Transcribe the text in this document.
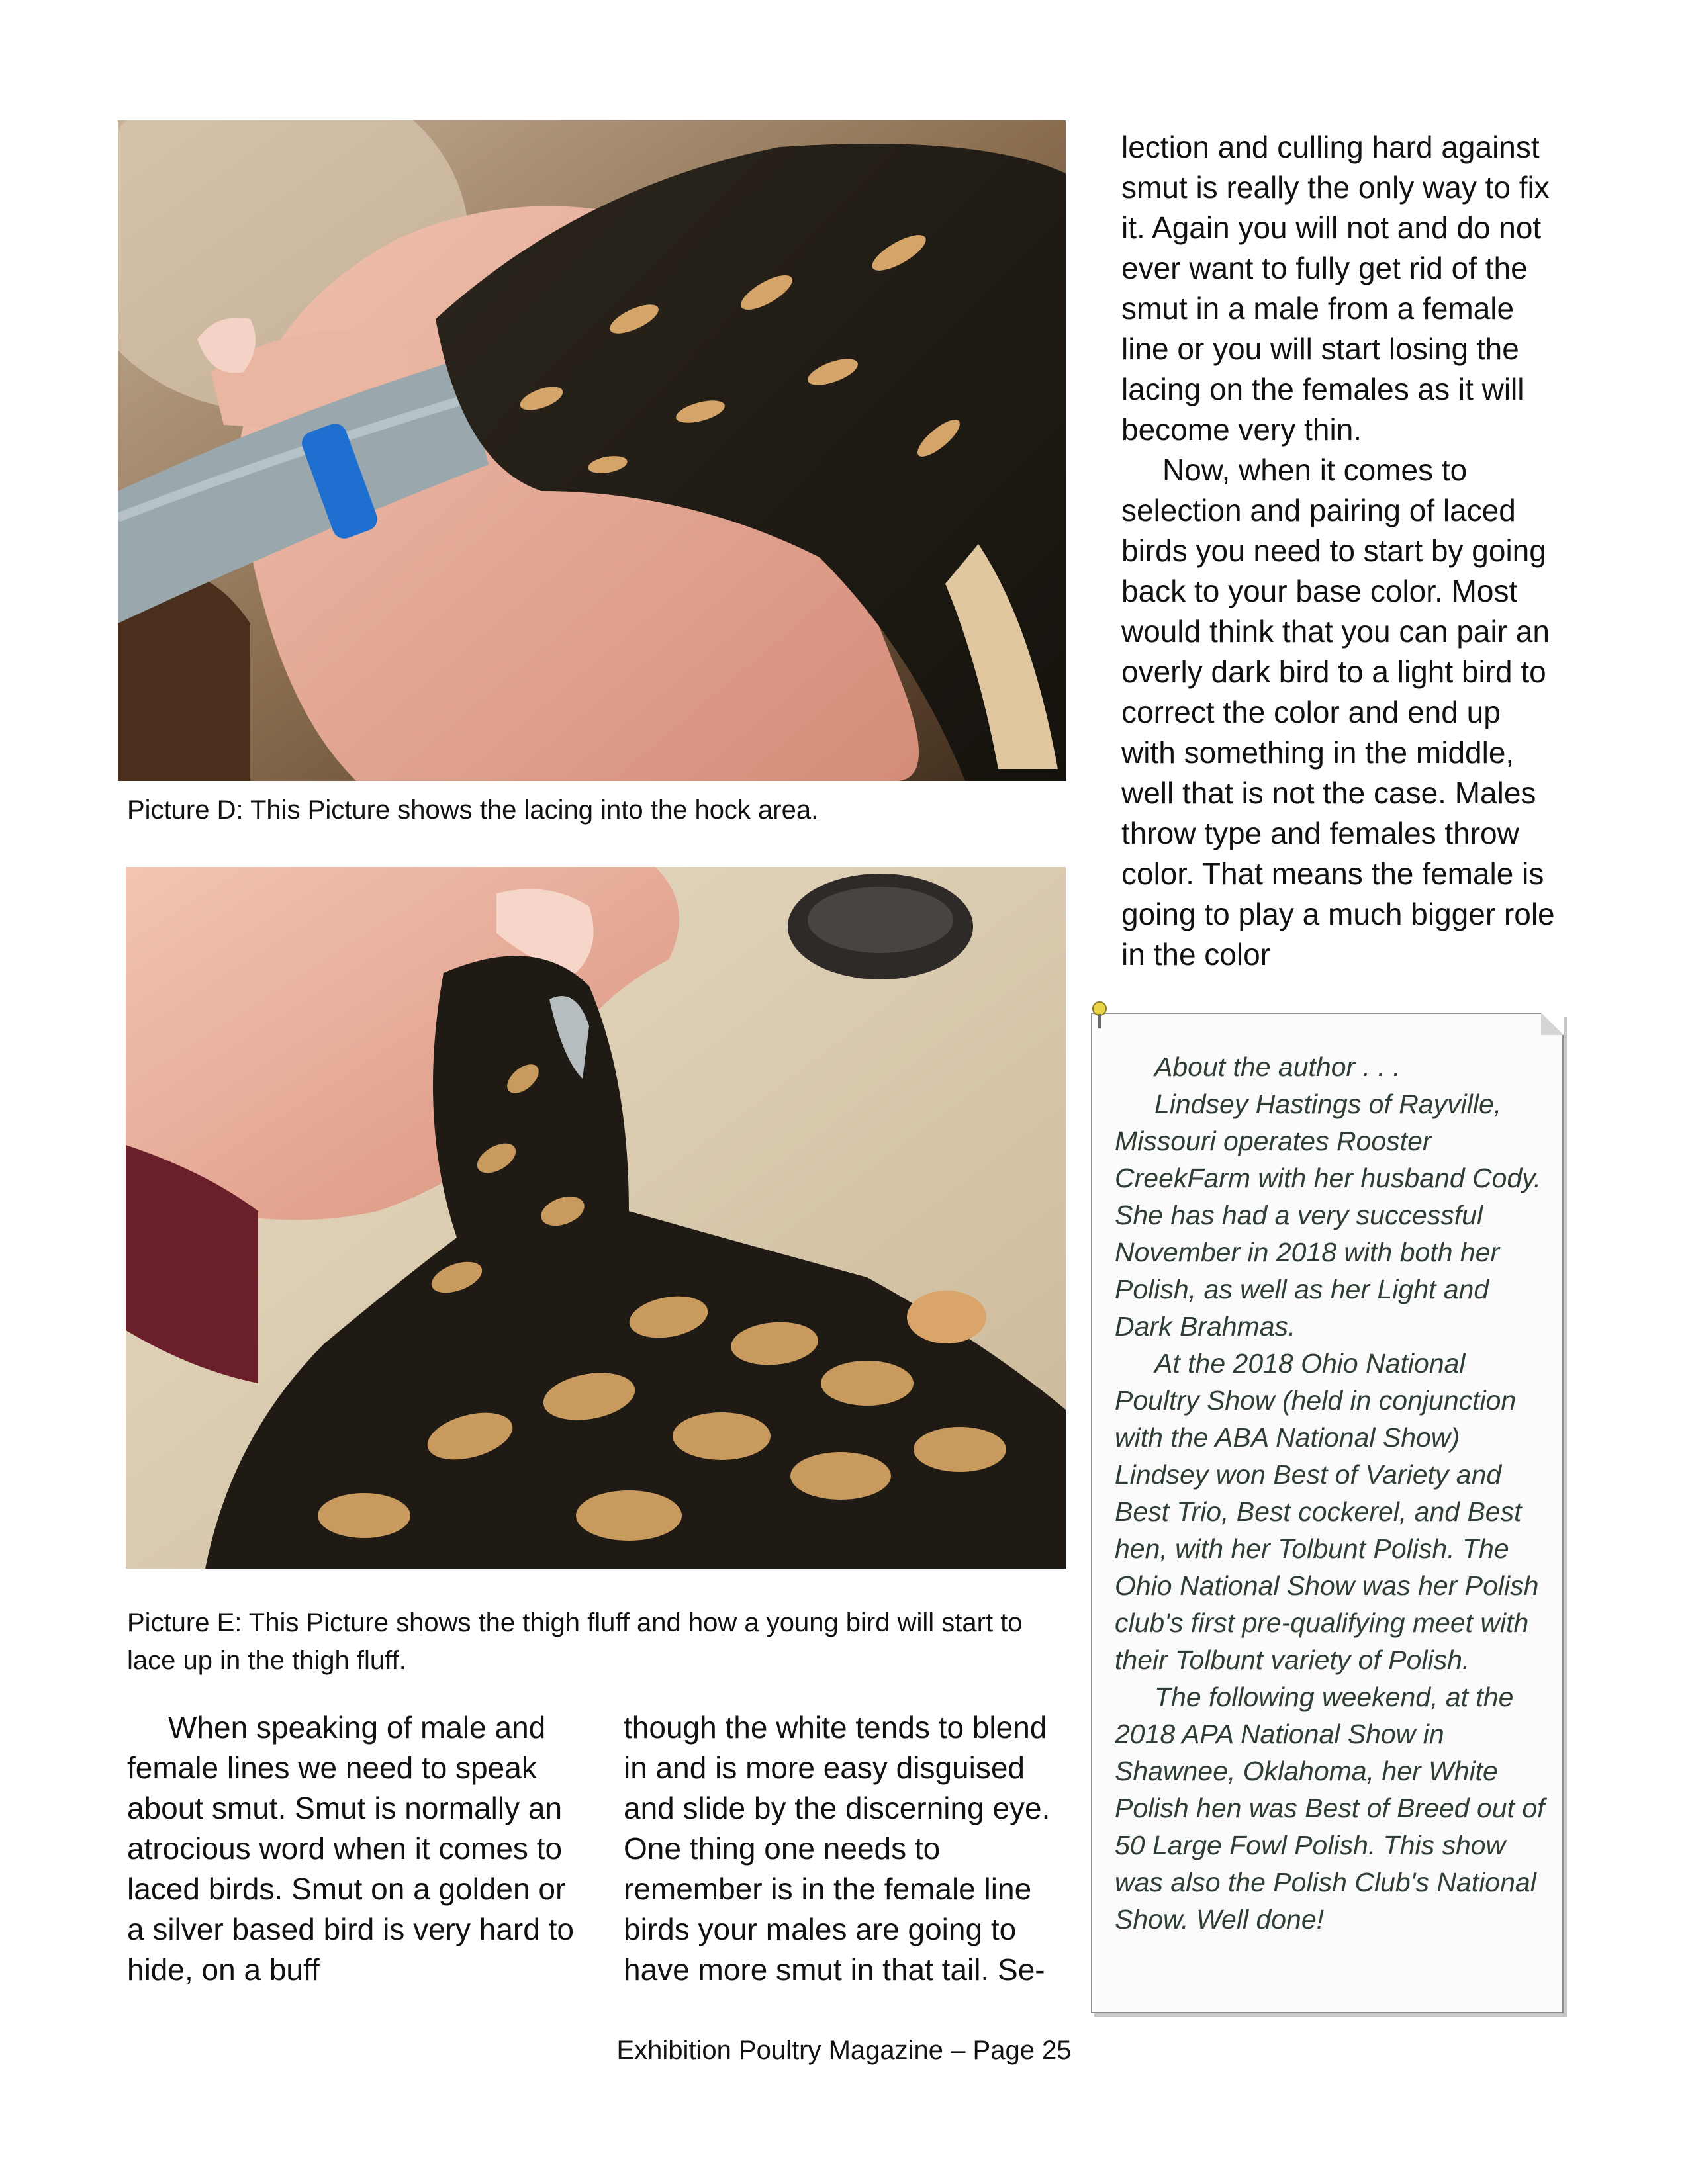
Picture D: This Picture shows the lacing into the hock area.
Picture E: This Picture shows the thigh fluff and how a young bird will start to lace up in the thigh fluff.

lection and culling hard against smut is really the only way to fix it. Again you will not and do not ever want to fully get rid of the smut in a male from a female line or you will start losing the lacing on the females as it will become very thin.

Now, when it comes to selection and pairing of laced birds you need to start by going back to your base color. Most would think that you can pair an overly dark bird to a light bird to correct the color and end up with something in the middle, well that is not the case. Males throw type and females throw color. That means the female is going to play a much bigger role in the color

When speaking of male and female lines we need to speak about smut. Smut is normally an atrocious word when it comes to laced birds. Smut on a golden or a silver based bird is very hard to hide, on a buff

though the white tends to blend in and is more easy disguised and slide by the discerning eye. One thing one needs to remember is in the female line birds your males are going to have more smut in that tail. Se-

About the author . . .

Lindsey Hastings of Rayville, Missouri operates Rooster CreekFarm with her husband Cody. She has had a very successful November in 2018 with both her Polish, as well as her Light and Dark Brahmas.

At the 2018 Ohio National Poultry Show (held in conjunction with the ABA National Show) Lindsey won Best of Variety and Best Trio, Best cockerel, and Best hen, with her Tolbunt Polish. The Ohio National Show was her Polish club's first pre-qualifying meet with their Tolbunt variety of Polish.

The following weekend, at the 2018 APA National Show in Shawnee, Oklahoma, her White Polish hen was Best of Breed out of 50 Large Fowl Polish. This show was also the Polish Club's National Show. Well done!

Exhibition Poultry Magazine – Page 25
